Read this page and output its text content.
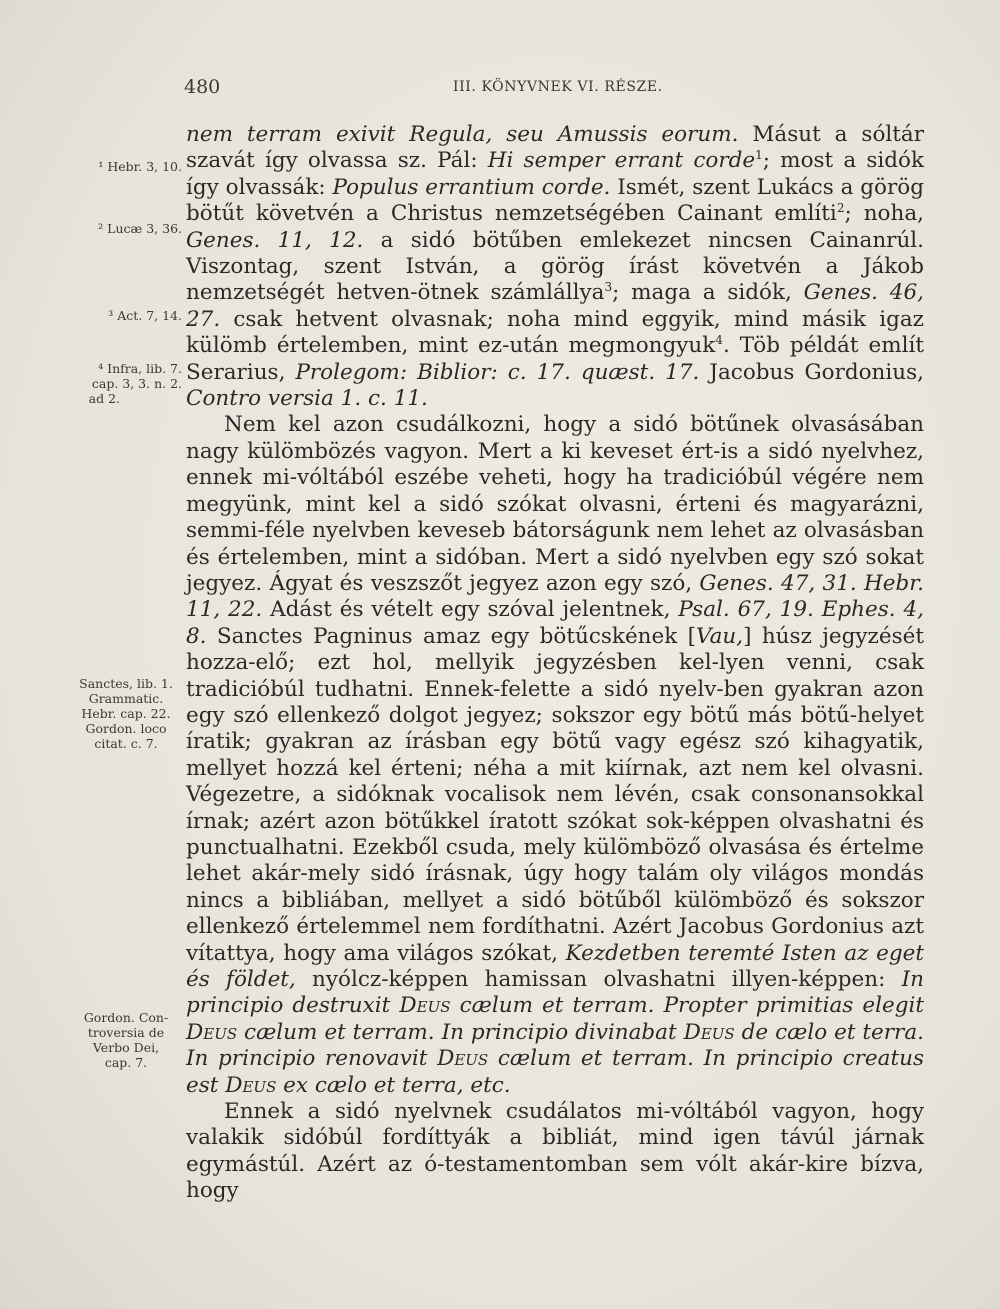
480	III. KÖNYVNEK VI. RÉSZE.
¹ Hebr. 3, 10.
² Lucæ 3, 36.
³ Act. 7, 14.
⁴ Infra, lib. 7.
cap. 3, 3. n. 2.
ad 2.
Sanctes, lib. 1.
Grammatic.
Hebr. cap. 22.
Gordon. loco
citat. c. 7.
Gordon. Con-
troversia de
Verbo Dei,
cap. 7.

nem terram exivit Regula, seu Amussis eorum. Másut a sóltár szavát így olvassa sz. Pál: Hi semper errant corde$^1$; most a sidók így olvassák: Populus errantium corde. Ismét, szent Lukács a görög bötűt követvén a Christus nemzetségében Cainant említi$^2$; noha, Genes. 11, 12. a sidó bötűben emlekezet nincsen Cainanrúl. Viszontag, szent István, a görög írást követvén a Jákob nemzetségét hetven-ötnek számlállya$^3$; maga a sidók, Genes. 46, 27. csak hetvent olvasnak; noha mind eggyik, mind másik igaz külömb értelemben, mint ez-után megmongyuk$^4$. Töb példát említ Serarius, Prolegom: Biblior: c. 17. quæst. 17. Jacobus Gordonius, Contro versia 1. c. 11.

Nem kel azon csudálkozni, hogy a sidó bötűnek olvasásában nagy külömbözés vagyon. Mert a ki keveset ért-is a sidó nyelvhez, ennek mi-vóltából eszébe veheti, hogy ha tradicióbúl végére nem megyünk, mint kel a sidó szókat olvasni, érteni és magyarázni, semmi-féle nyelvben keveseb bátorságunk nem lehet az olvasásban és értelemben, mint a sidóban. Mert a sidó nyelvben egy szó sokat jegyez. Ágyat és veszszőt jegyez azon egy szó, Genes. 47, 31. Hebr. 11, 22. Adást és vételt egy szóval jelentnek, Psal. 67, 19. Ephes. 4, 8. Sanctes Pagninus amaz egy bötűcskének [Vau,] húsz jegyzését hozza-elő; ezt hol, mellyik jegyzésben kel-lyen venni, csak tradicióbúl tudhatni. Ennek-felette a sidó nyelv-ben gyakran azon egy szó ellenkező dolgot jegyez; sokszor egy bötű más bötű-helyet íratik; gyakran az írásban egy bötű vagy egész szó kihagyatik, mellyet hozzá kel érteni; néha a mit kiírnak, azt nem kel olvasni. Végezetre, a sidóknak vocalisok nem lévén, csak consonansokkal írnak; azért azon bötűkkel íratott szókat sok-képpen olvashatni és punctualhatni. Ezekből csuda, mely külömböző olvasása és értelme lehet akár-mely sidó írásnak, úgy hogy talám oly világos mondás nincs a bibliában, mellyet a sidó bötűből külömböző és sokszor ellenkező értelemmel nem fordíthatni. Azért Jacobus Gordonius azt vítattya, hogy ama világos szókat, Kezdetben teremté Isten az eget és földet, nyólcz-képpen hamissan olvashatni illyen-képpen: In principio destruxit Deus cælum et terram. Propter primitias elegit Deus cælum et terram. In principio divinabat Deus de cælo et terra. In principio renovavit Deus cælum et terram. In principio creatus est Deus ex cælo et terra, etc.

Ennek a sidó nyelvnek csudálatos mi-vóltából vagyon, hogy valakik sidóbúl fordíttyák a bibliát, mind igen távúl járnak egymástúl. Azért az ó-testamentomban sem vólt akár-kire bízva, hogy
